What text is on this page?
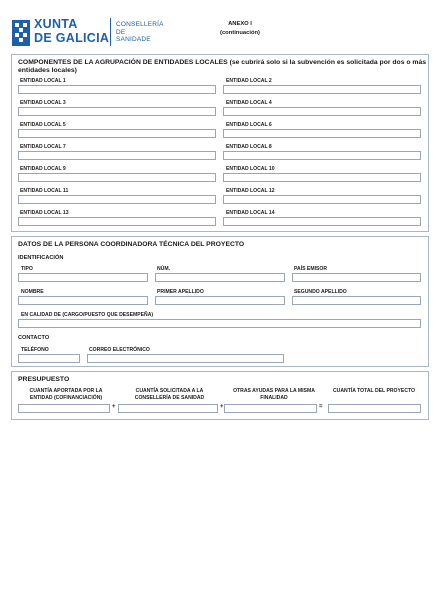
XUNTA
DE GALICIA
CONSELLERÍA
DE SANIDADE
ANEXO I
(continuación)
COMPONENTES DE LA AGRUPACIÓN DE ENTIDADES LOCALES (se cubrirá solo si la subvención es solicitada por dos o más entidades locales)
ENTIDAD LOCAL 1	ENTIDAD LOCAL 2
ENTIDAD LOCAL 3	ENTIDAD LOCAL 4
ENTIDAD LOCAL 5	ENTIDAD LOCAL 6
ENTIDAD LOCAL 7	ENTIDAD LOCAL 8
ENTIDAD LOCAL 9	ENTIDAD LOCAL 10
ENTIDAD LOCAL 11	ENTIDAD LOCAL 12
ENTIDAD LOCAL 13	ENTIDAD LOCAL 14
DATOS DE LA PERSONA COORDINADORA TÉCNICA DEL PROYECTO
IDENTIFICACIÓN
TIPO	NÚM.	PAÍS EMISOR
NOMBRE	PRIMER APELLIDO	SEGUNDO APELLIDO
EN CALIDAD DE (CARGO/PUESTO QUE DESEMPEÑA)
CONTACTO
TELÉFONO	CORREO ELECTRÓNICO
PRESUPUESTO
CUANTÍA APORTADA POR LA ENTIDAD (COFINANCIACIÓN)
+
CUANTÍA SOLICITADA A LA CONSELLERÍA DE SANIDAD
+
OTRAS AYUDAS PARA LA MISMA FINALIDAD
=
CUANTÍA TOTAL DEL PROYECTO
